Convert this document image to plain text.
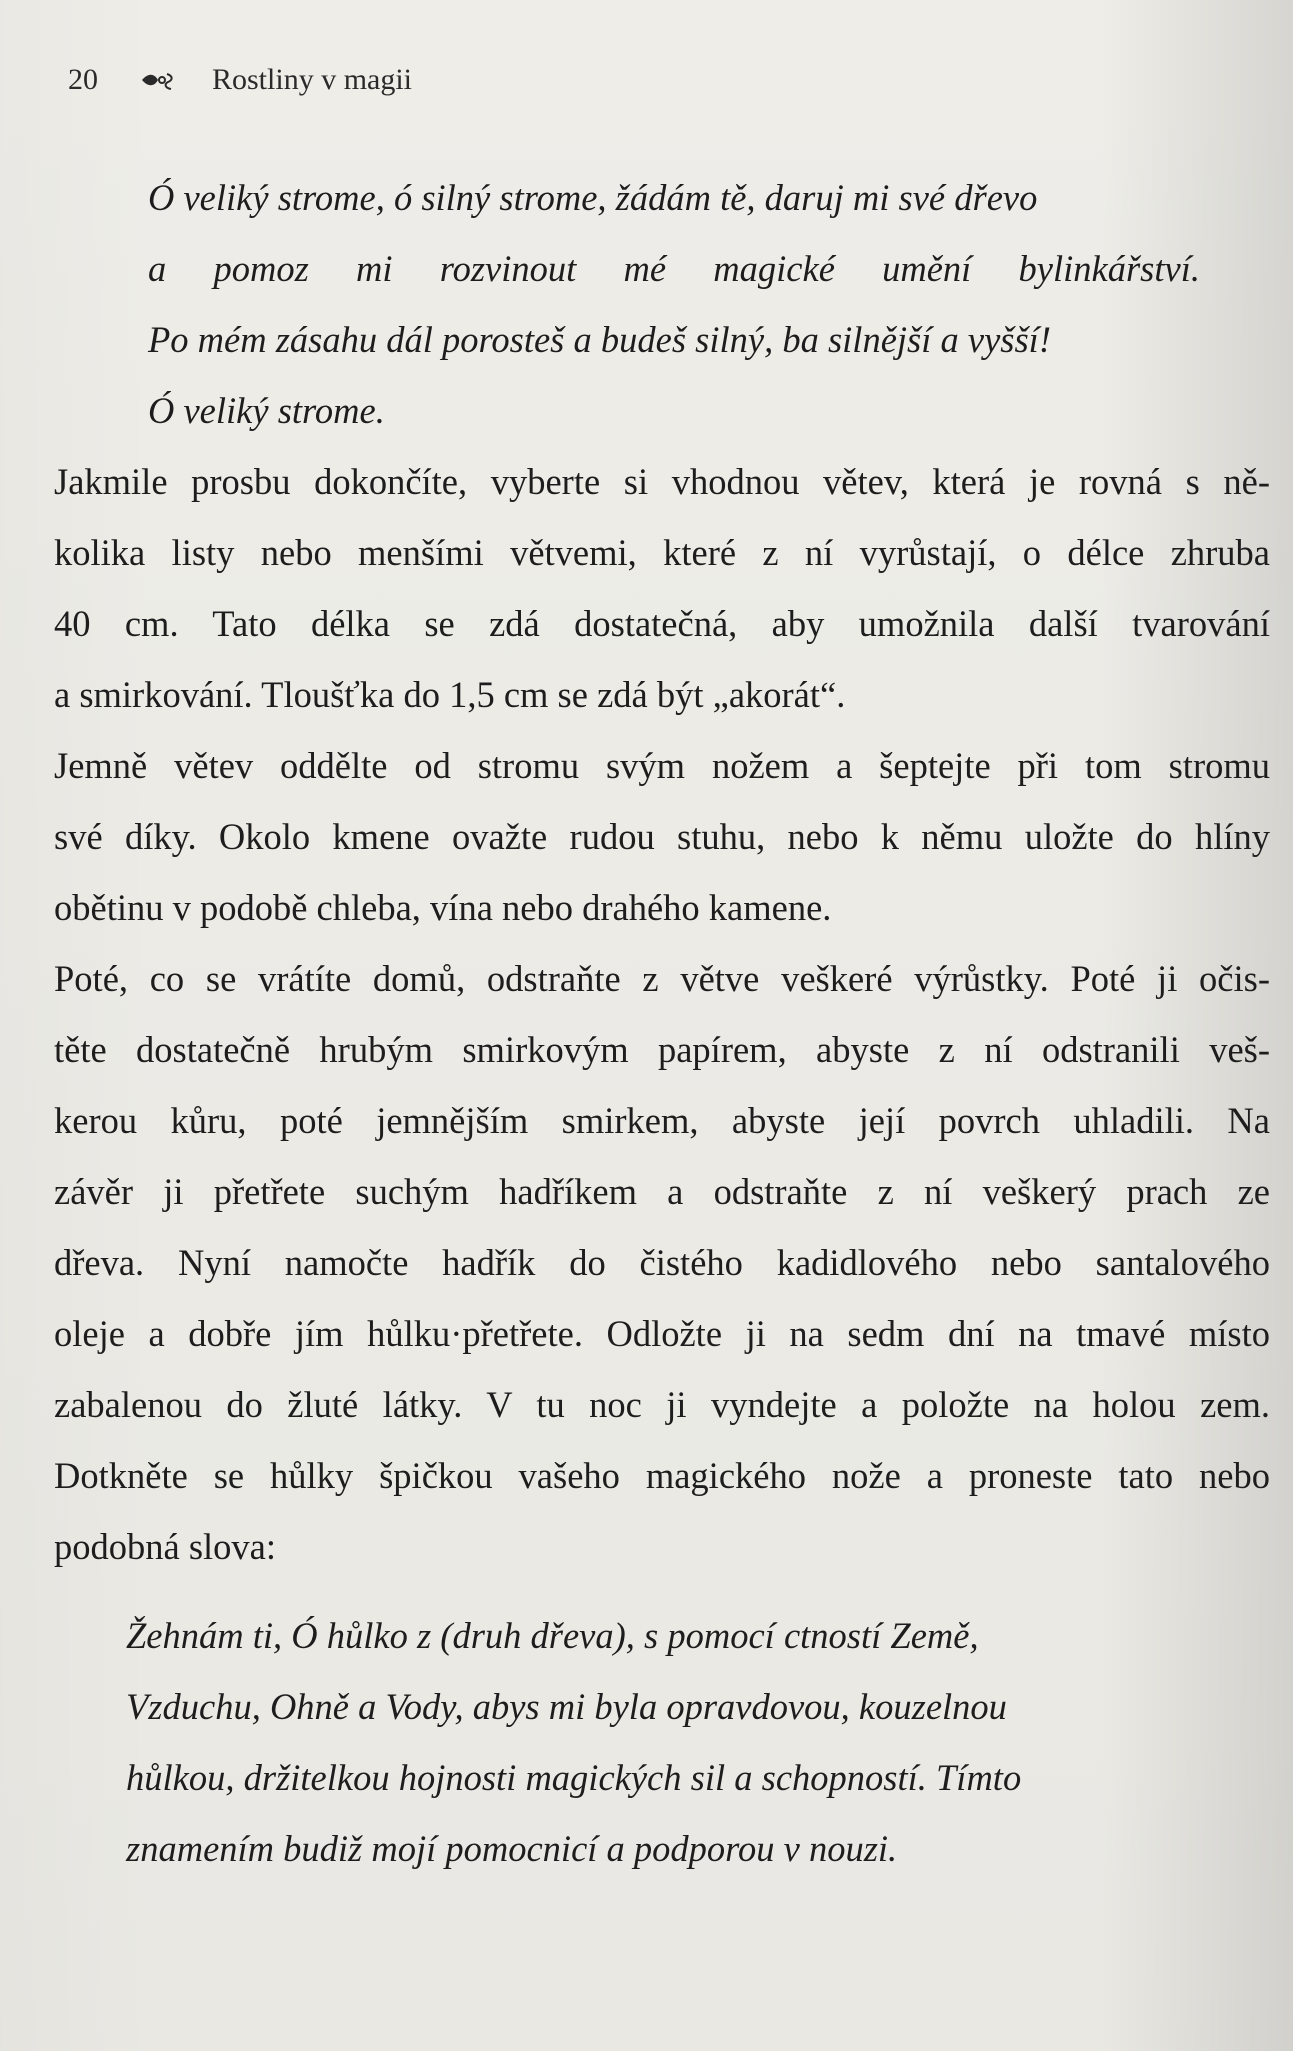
20	Rostliny v magii
Ó veliký strome, ó silný strome, žádám tě, daruj mi své dřevo
a pomoz mi rozvinout mé magické umění bylinkářství.
Po mém zásahu dál porosteš a budeš silný, ba silnější a vyšší!
Ó veliký strome.
Jakmile prosbu dokončíte, vyberte si vhodnou větev, která je rovná s ně-
kolika listy nebo menšími větvemi, které z ní vyrůstají, o délce zhruba
40 cm. Tato délka se zdá dostatečná, aby umožnila další tvarování
a smirkování. Tloušťka do 1,5 cm se zdá být „akorát“.
Jemně větev oddělte od stromu svým nožem a šeptejte při tom stromu
své díky. Okolo kmene ovažte rudou stuhu, nebo k němu uložte do hlíny
obětinu v podobě chleba, vína nebo drahého kamene.
Poté, co se vrátíte domů, odstraňte z větve veškeré výrůstky. Poté ji očis-
těte dostatečně hrubým smirkovým papírem, abyste z ní odstranili veš-
kerou kůru, poté jemnějším smirkem, abyste její povrch uhladili. Na
závěr ji přetřete suchým hadříkem a odstraňte z ní veškerý prach ze
dřeva. Nyní namočte hadřík do čistého kadidlového nebo santalového
oleje a dobře jím hůlku·přetřete. Odložte ji na sedm dní na tmavé místo
zabalenou do žluté látky. V tu noc ji vyndejte a položte na holou zem.
Dotkněte se hůlky špičkou vašeho magického nože a proneste tato nebo
podobná slova:
Žehnám ti, Ó hůlko z (druh dřeva), s pomocí ctností Země,
Vzduchu, Ohně a Vody, abys mi byla opravdovou, kouzelnou
hůlkou, držitelkou hojnosti magických sil a schopností. Tímto
znamením budiž mojí pomocnicí a podporou v nouzi.
